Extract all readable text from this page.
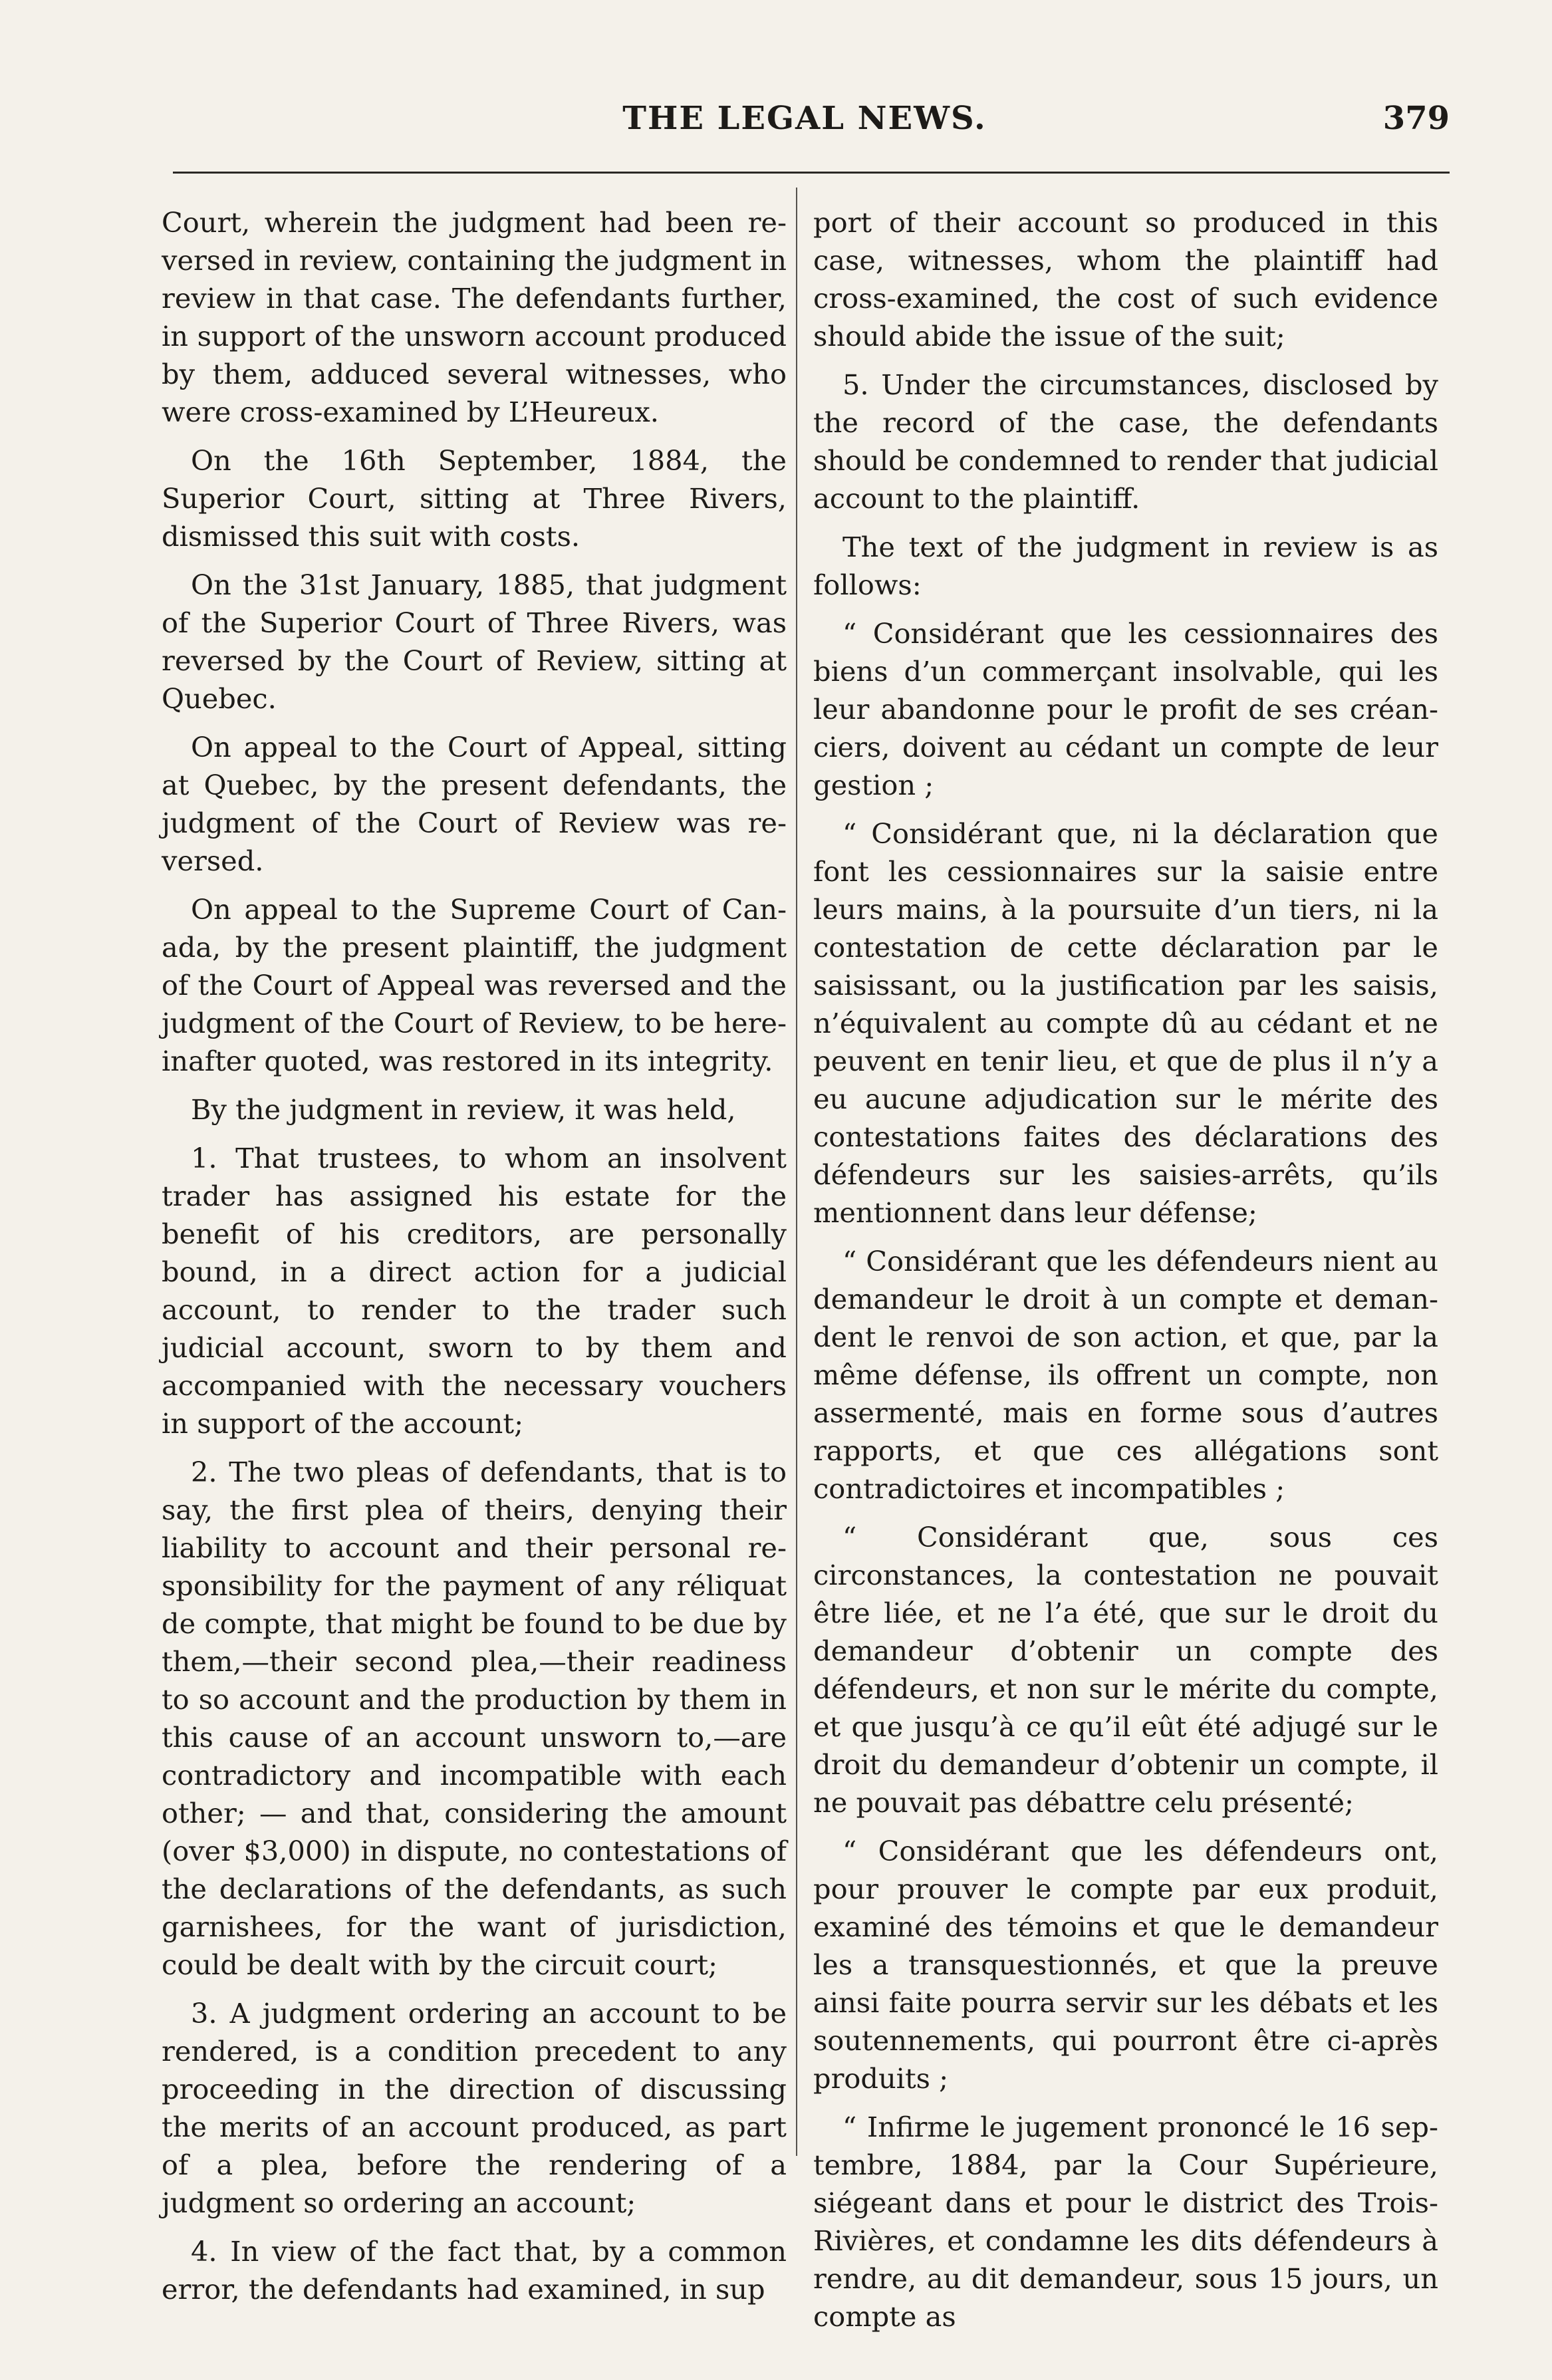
THE LEGAL NEWS.	379

Court, wherein the judgment had been reversed in review, containing the judgment in review in that case. The defendants further, in support of the unsworn account produced by them, adduced several witnesses, who were cross-examined by L’Heureux.

On the 16th September, 1884, the Superior Court, sitting at Three Rivers, dismissed this suit with costs.

On the 31st January, 1885, that judgment of the Superior Court of Three Rivers, was reversed by the Court of Review, sitting at Quebec.

On appeal to the Court of Appeal, sitting at Quebec, by the present defendants, the judgment of the Court of Review was reversed.

On appeal to the Supreme Court of Canada, by the present plaintiff, the judgment of the Court of Appeal was reversed and the judgment of the Court of Review, to be hereinafter quoted, was restored in its integrity.

By the judgment in review, it was held,

1. That trustees, to whom an insolvent trader has assigned his estate for the benefit of his creditors, are personally bound, in a direct action for a judicial account, to render to the trader such judicial account, sworn to by them and accompanied with the necessary vouchers in support of the account;

2. The two pleas of defendants, that is to say, the first plea of theirs, denying their liability to account and their personal responsibility for the payment of any réliquat de compte, that might be found to be due by them,—their second plea,—their readiness to so account and the production by them in this cause of an account unsworn to,—are contradictory and incompatible with each other; — and that, considering the amount (over $3,000) in dispute, no contestations of the declarations of the defendants, as such garnishees, for the want of jurisdiction, could be dealt with by the circuit court;

3. A judgment ordering an account to be rendered, is a condition precedent to any proceeding in the direction of discussing the merits of an account produced, as part of a plea, before the rendering of a judgment so ordering an account;

4. In view of the fact that, by a common error, the defendants had examined, in sup

port of their account so produced in this case, witnesses, whom the plaintiff had cross-examined, the cost of such evidence should abide the issue of the suit;

5. Under the circumstances, disclosed by the record of the case, the defendants should be condemned to render that judicial account to the plaintiff.

The text of the judgment in review is as follows:

“ Considérant que les cessionnaires des biens d’un commerçant insolvable, qui les leur abandonne pour le profit de ses créanciers, doivent au cédant un compte de leur gestion ;

“ Considérant que, ni la déclaration que font les cessionnaires sur la saisie entre leurs mains, à la poursuite d’un tiers, ni la contestation de cette déclaration par le saisissant, ou la justification par les saisis, n’équivalent au compte dû au cédant et ne peuvent en tenir lieu, et que de plus il n’y a eu aucune adjudication sur le mérite des contestations faites des déclarations des défendeurs sur les saisies-arrêts, qu’ils mentionnent dans leur défense;

“ Considérant que les défendeurs nient au demandeur le droit à un compte et demandent le renvoi de son action, et que, par la même défense, ils offrent un compte, non assermenté, mais en forme sous d’autres rapports, et que ces allégations sont contradictoires et incompatibles ;

“ Considérant que, sous ces circonstances, la contestation ne pouvait être liée, et ne l’a été, que sur le droit du demandeur d’obtenir un compte des défendeurs, et non sur le mérite du compte, et que jusqu’à ce qu’il eût été adjugé sur le droit du demandeur d’obtenir un compte, il ne pouvait pas débattre celu présenté;

“ Considérant que les défendeurs ont, pour prouver le compte par eux produit, examiné des témoins et que le demandeur les a transquestionnés, et que la preuve ainsi faite pourra servir sur les débats et les soutennements, qui pourront être ci-après produits ;

“ Infirme le jugement prononcé le 16 septembre, 1884, par la Cour Supérieure, siégeant dans et pour le district des Trois-Rivières, et condamne les dits défendeurs à rendre, au dit demandeur, sous 15 jours, un compte as
